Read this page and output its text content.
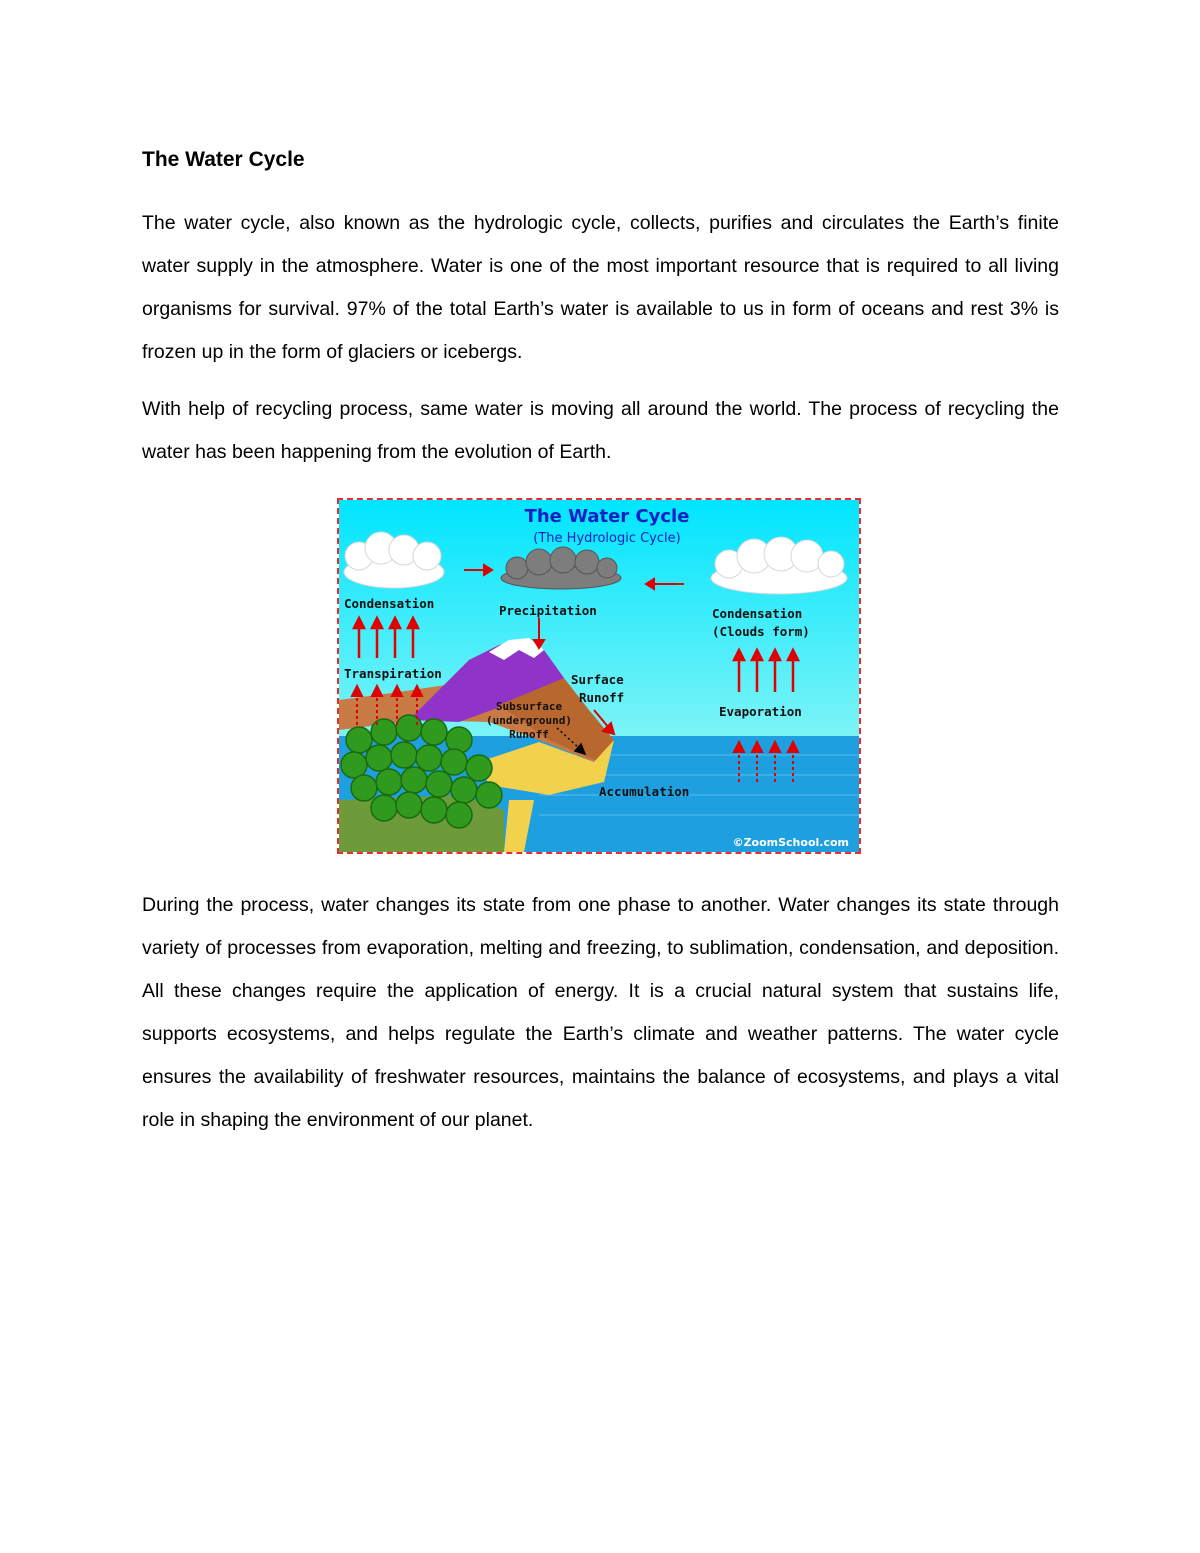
The Water Cycle

The water cycle, also known as the hydrologic cycle, collects, purifies and circulates the Earth’s finite water supply in the atmosphere. Water is one of the most important resource that is required to all living organisms for survival. 97% of the total Earth’s water is available to us in form of oceans and rest 3% is frozen up in the form of glaciers or icebergs.

With help of recycling process, same water is moving all around the world. The process of recycling the water has been happening from the evolution of Earth.

The Water Cycle
(The Hydrologic Cycle)
Condensation	Precipitation	Condensation
(Clouds form)
Transpiration	Surface
Runoff
Evaporation
Accumulation
Subsurface
(underground)
Runoff
©ZoomSchool.com

During the process, water changes its state from one phase to another. Water changes its state through variety of processes from evaporation, melting and freezing, to sublimation, condensation, and deposition. All these changes require the application of energy. It is a crucial natural system that sustains life, supports ecosystems, and helps regulate the Earth’s climate and weather patterns. The water cycle ensures the availability of freshwater resources, maintains the balance of ecosystems, and plays a vital role in shaping the environment of our planet.
